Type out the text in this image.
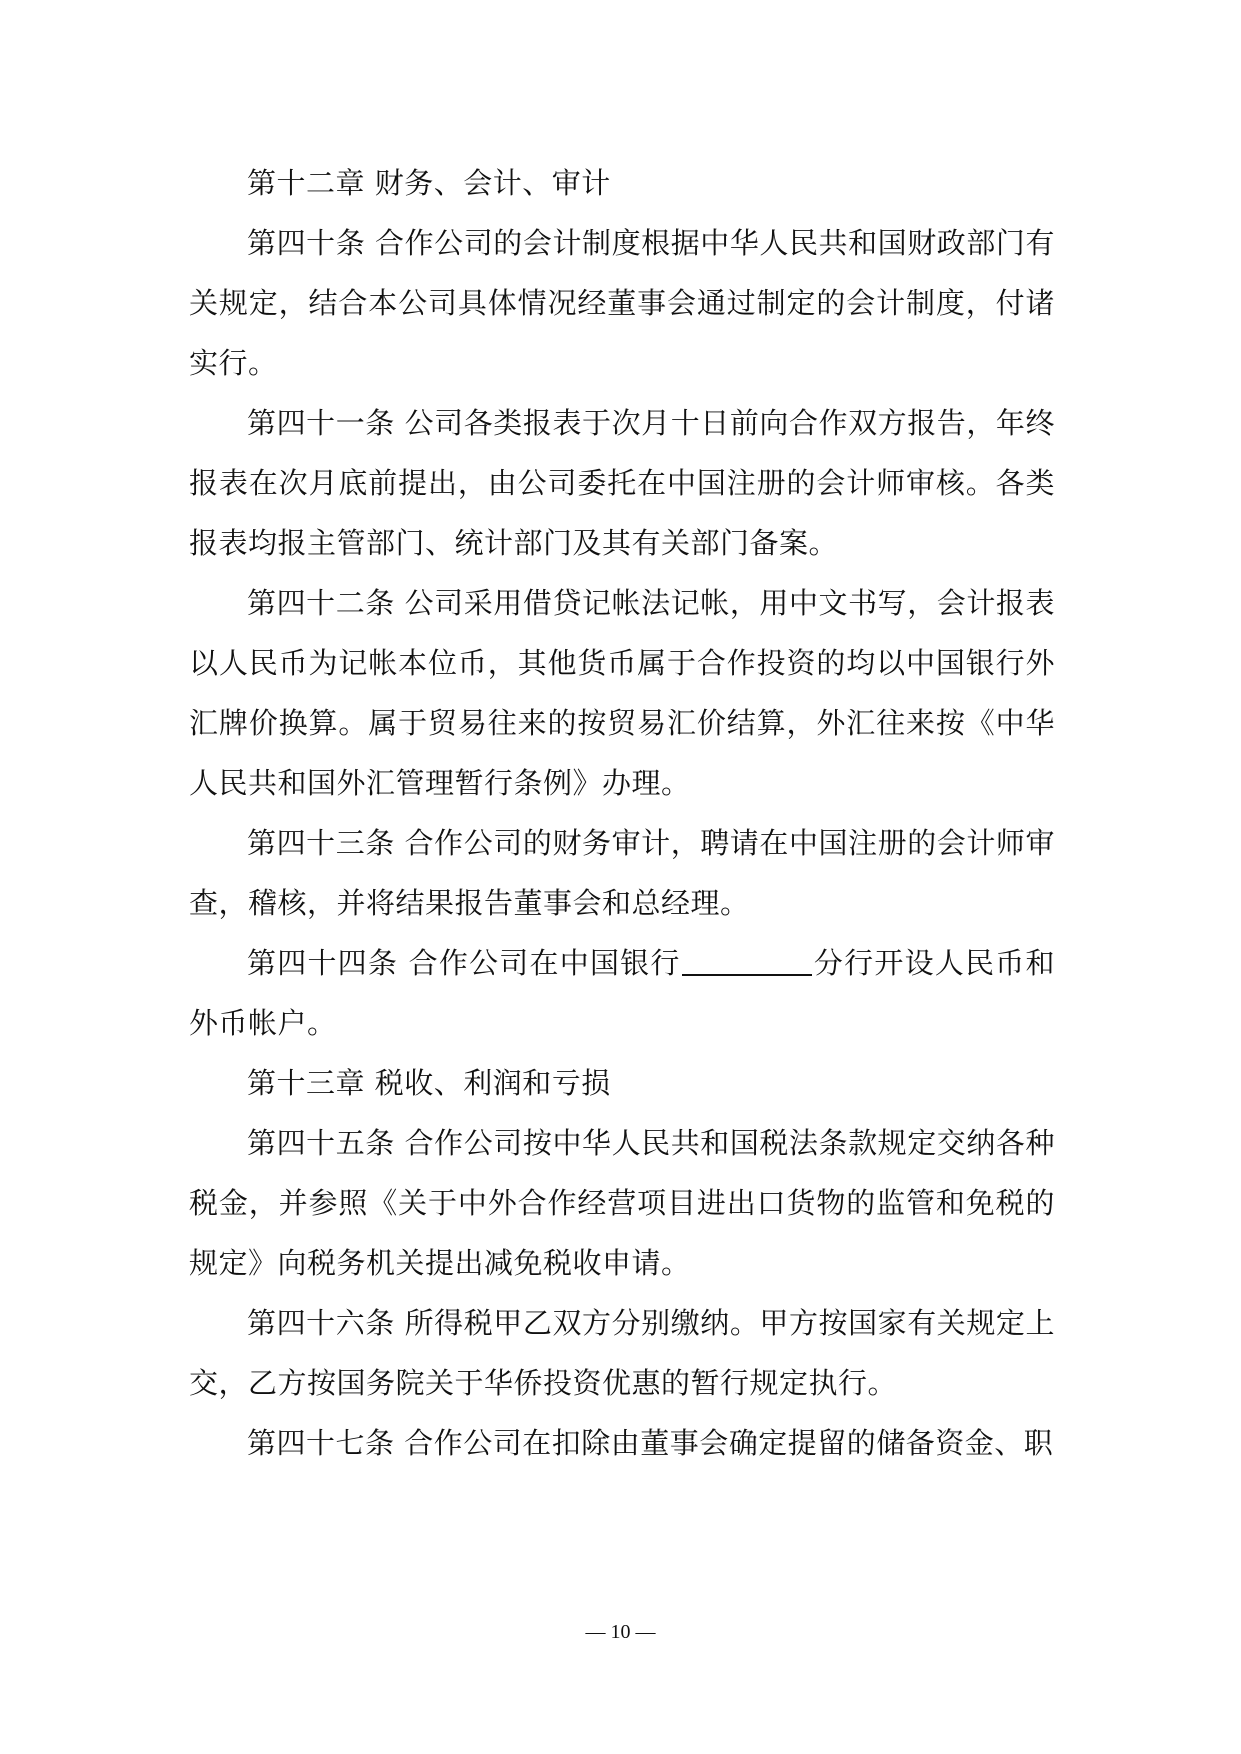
第十二章 财务、会计、审计

第四十条 合作公司的会计制度根据中华人民共和国财政部门有关规定，结合本公司具体情况经董事会通过制定的会计制度，付诸实行。

第四十一条 公司各类报表于次月十日前向合作双方报告，年终报表在次月底前提出，由公司委托在中国注册的会计师审核。各类报表均报主管部门、统计部门及其有关部门备案。

第四十二条 公司采用借贷记帐法记帐，用中文书写，会计报表以人民币为记帐本位币，其他货币属于合作投资的均以中国银行外汇牌价换算。属于贸易往来的按贸易汇价结算，外汇往来按《中华人民共和国外汇管理暂行条例》办理。

第四十三条 合作公司的财务审计，聘请在中国注册的会计师审查，稽核，并将结果报告董事会和总经理。

第四十四条 合作公司在中国银行	分行开设人民币和外币帐户。

第十三章 税收、利润和亏损

第四十五条 合作公司按中华人民共和国税法条款规定交纳各种税金，并参照《关于中外合作经营项目进出口货物的监管和免税的规定》向税务机关提出减免税收申请。

第四十六条 所得税甲乙双方分别缴纳。甲方按国家有关规定上交，乙方按国务院关于华侨投资优惠的暂行规定执行。

第四十七条 合作公司在扣除由董事会确定提留的储备资金、职

— 10 —
